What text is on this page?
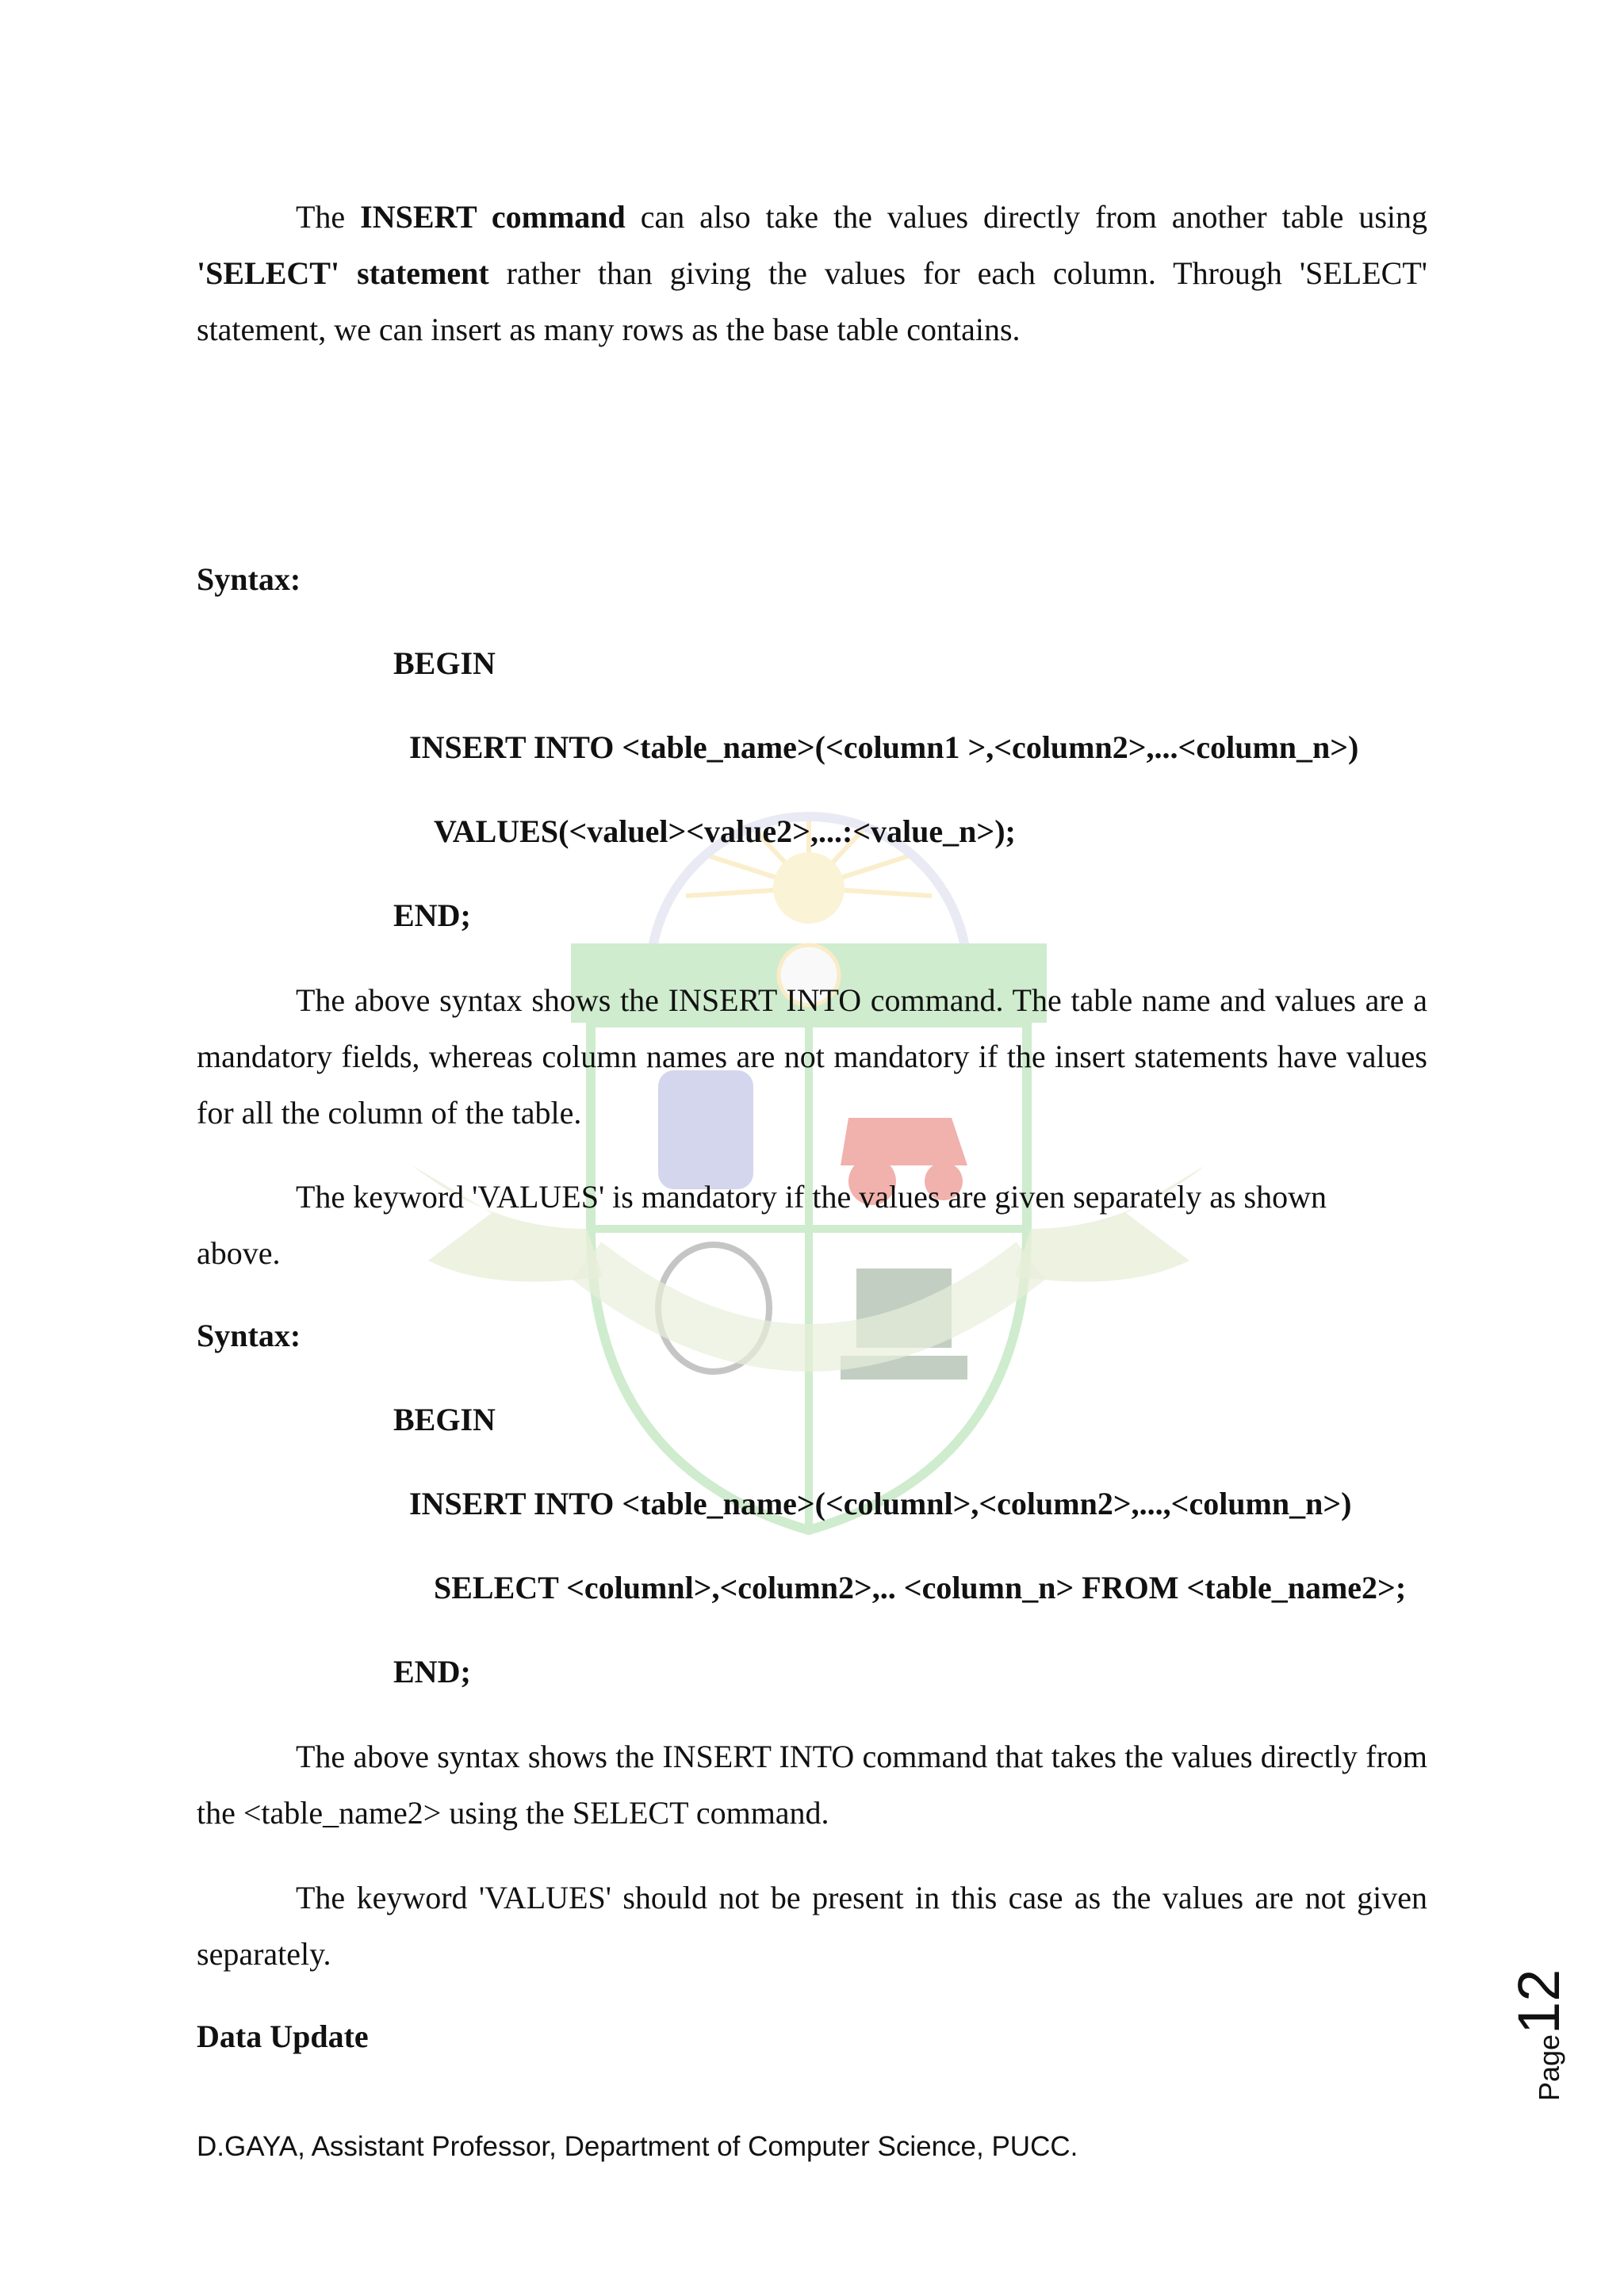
The INSERT command can also take the values directly from another table using 'SELECT' statement rather than giving the values for each column. Through 'SELECT' statement, we can insert as many rows as the base table contains.

Syntax:
BEGIN
INSERT INTO <table_name>(<column1 >,<column2>,...<column_n>)
VALUES(<valuel><value2>,...:<value_n>);
END;

The above syntax shows the INSERT INTO command. The table name and values are a mandatory fields, whereas column names are not mandatory if the insert statements have values for all the column of the table.

The keyword 'VALUES' is mandatory if the values are given separately as shown above.

Syntax:
BEGIN
INSERT INTO <table_name>(<columnl>,<column2>,...,<column_n>)
SELECT <columnl>,<column2>,.. <column_n> FROM <table_name2>;
END;

The above syntax shows the INSERT INTO command that takes the values directly from the <table_name2> using the SELECT command.

The keyword 'VALUES' should not be present in this case as the values are not given separately.

Data Update	Page12
D.GAYA, Assistant Professor, Department of Computer Science, PUCC.
